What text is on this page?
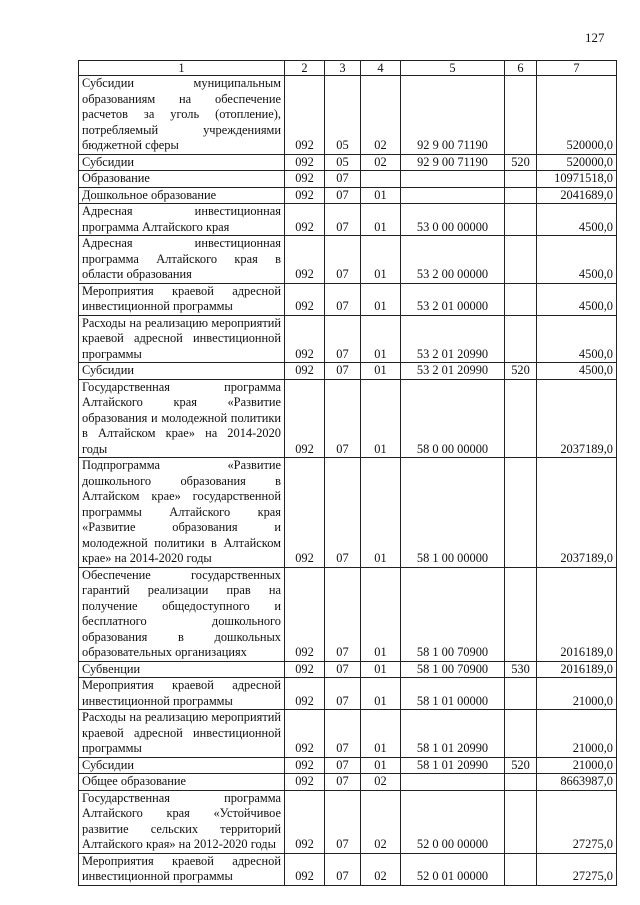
127
1	2	3	4	5	6	7
Субсидии муниципальным образованиям на обеспечение расчетов за уголь (отопление), потребляемый учреждениями бюджетной сферы	092	05	02	92 9 00 71190		520000,0
Субсидии	092	05	02	92 9 00 71190	520	520000,0
Образование	092	07				10971518,0
Дошкольное образование	092	07	01			2041689,0
Адресная инвестиционная программа Алтайского края	092	07	01	53 0 00 00000		4500,0
Адресная инвестиционная программа Алтайского края в области образования	092	07	01	53 2 00 00000		4500,0
Мероприятия краевой адресной инвестиционной программы	092	07	01	53 2 01 00000		4500,0
Расходы на реализацию мероприятий краевой адресной инвестиционной программы	092	07	01	53 2 01 20990		4500,0
Субсидии	092	07	01	53 2 01 20990	520	4500,0
Государственная программа Алтайского края «Развитие образования и молодежной политики в Алтайском крае» на 2014-2020 годы	092	07	01	58 0 00 00000		2037189,0
Подпрограмма «Развитие дошкольного образования в Алтайском крае» государственной программы Алтайского края «Развитие образования и молодежной политики в Алтайском крае» на 2014-2020 годы	092	07	01	58 1 00 00000		2037189,0
Обеспечение государственных гарантий реализации прав на получение общедоступного и бесплатного дошкольного образования в дошкольных образовательных организациях	092	07	01	58 1 00 70900		2016189,0
Субвенции	092	07	01	58 1 00 70900	530	2016189,0
Мероприятия краевой адресной инвестиционной программы	092	07	01	58 1 01 00000		21000,0
Расходы на реализацию мероприятий краевой адресной инвестиционной программы	092	07	01	58 1 01 20990		21000,0
Субсидии	092	07	01	58 1 01 20990	520	21000,0
Общее образование	092	07	02			8663987,0
Государственная программа Алтайского края «Устойчивое развитие сельских территорий Алтайского края» на 2012-2020 годы	092	07	02	52 0 00 00000		27275,0
Мероприятия краевой адресной инвестиционной программы	092	07	02	52 0 01 00000		27275,0
